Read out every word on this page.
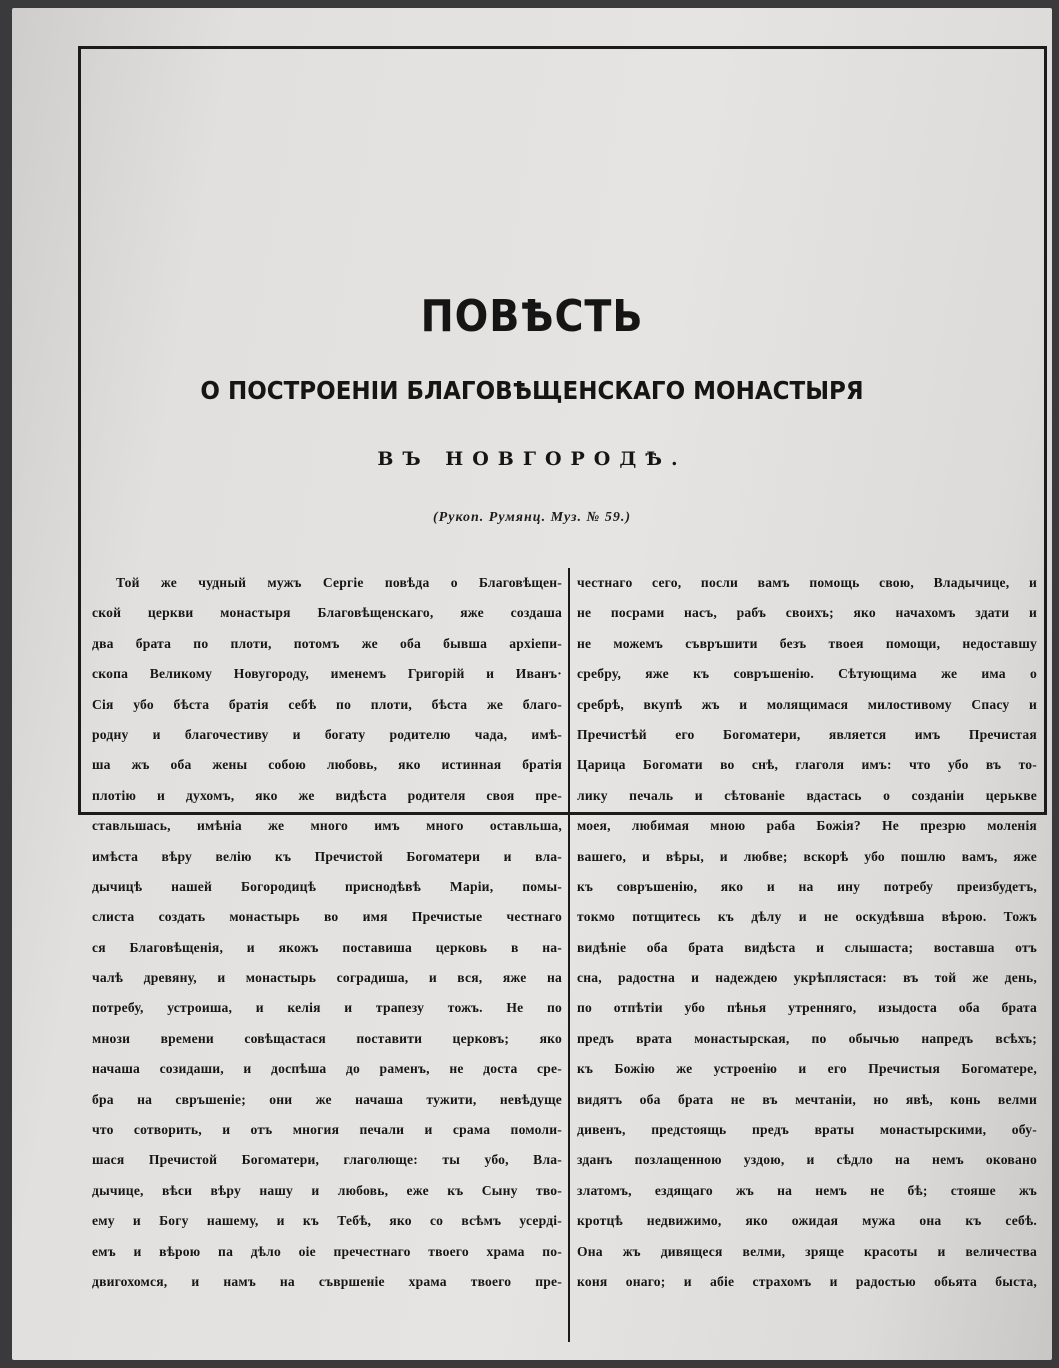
ПОВѢСТЬ
О ПОСТРОЕНІИ БЛАГОВѢЩЕНСКАГО МОНАСТЫРЯ

ВЪ НОВГОРОДѢ.

(Рукоп. Румянц. Муз. № 59.)

Той же чудный мужъ Сергіе повѣда о Благовѣщен-
ской церкви монастыря Благовѣщенскаго, яже создаша
два брата по плоти, потомъ же оба бывша архіепи-
скопа Великому Новугороду, именемъ Григорій и Иванъ·
Сія убо бѣста братія себѣ по плоти, бѣста же благо-
родну и благочестиву и богату родителю чада, имѣ-
ша жъ оба жены собою любовь, яко истинная братія
плотію и духомъ, яко же видѣста родителя своя пре-
ставльшась, имѣніа же много имъ много оставльша,
имѣста вѣру велію къ Пречистой Богоматери и вла-
дычицѣ нашей Богородицѣ приснодѣвѣ Маріи, помы-
слиста создать монастырь во имя Пречистые честнаго
ся Благовѣщенія, и якожъ поставиша церковь в на-
чалѣ древяну, и монастырь соградиша, и вся, яже на
потребу, устроиша, и келія и трапезу тожъ. Не по
мнози времени совѣщастася поставити церковъ; яко
начаша созидаши, и доспѣша до раменъ, не доста сре-
бра на свръшеніе; они же начаша тужити, невѣдуще
что сотворить, и отъ многия печали и срама помоли-
шася Пречистой Богоматери, глаголюще: ты убо, Вла-
дычице, вѣси вѣру нашу и любовь, еже къ Сыну тво-
ему и Богу нашему, и къ Тебѣ, яко со всѣмъ усерді-
емъ и вѣрою па дѣло оіе пречестнаго твоего храма по-
двигохомся, и намъ на съвршеніе храма твоего пре-
честнаго сего, посли вамъ помощь свою, Владычице, и
не посрами насъ, рабъ своихъ; яко начахомъ здати и
не можемъ съвръшити безъ твоея помощи, недоставшу
сребру, яже къ совръшенію. Сѣтующима же има о
сребрѣ, вкупѣ жъ и молящимася милостивому Спасу и
Пречистѣй его Богоматери, является имъ Пречистая
Царица Богомати во снѣ, глаголя имъ: что убо въ то-
лику печаль и сѣтованіе вдастась о созданіи церькве
моея, любимая мною раба Божія? Не презрю моленія
вашего, и вѣры, и любве; вскорѣ убо пошлю вамъ, яже
къ совръшенію, яко и на ину потребу преизбудетъ,
токмо потщитесь къ дѣлу и не оскудѣвша вѣрою. Тожъ
видѣніе оба брата видѣста и слышаста; воставша отъ
сна, радостна и надеждею укрѣплястася: въ той же день,
по отпѣтіи убо пѣнья утренняго, изыдоста оба брата
предъ врата монастырская, по обычью напредъ всѣхъ;
къ Божію же устроенію и его Пречистыя Богоматере,
видятъ оба брата не въ мечтаніи, но явѣ, конь велми
дивенъ, предстоящь предъ враты монастырскими, обу-
зданъ позлащенною уздою, и сѣдло на немъ оковано
златомъ, ездящаго жъ на немъ не бѣ; стояше жъ
кротцѣ недвижимо, яко ожидая мужа она къ себѣ.
Она жъ дивящеся велми, зряще красоты и величества
коня онаго; и абіе страхомъ и радостью обьята быста,
